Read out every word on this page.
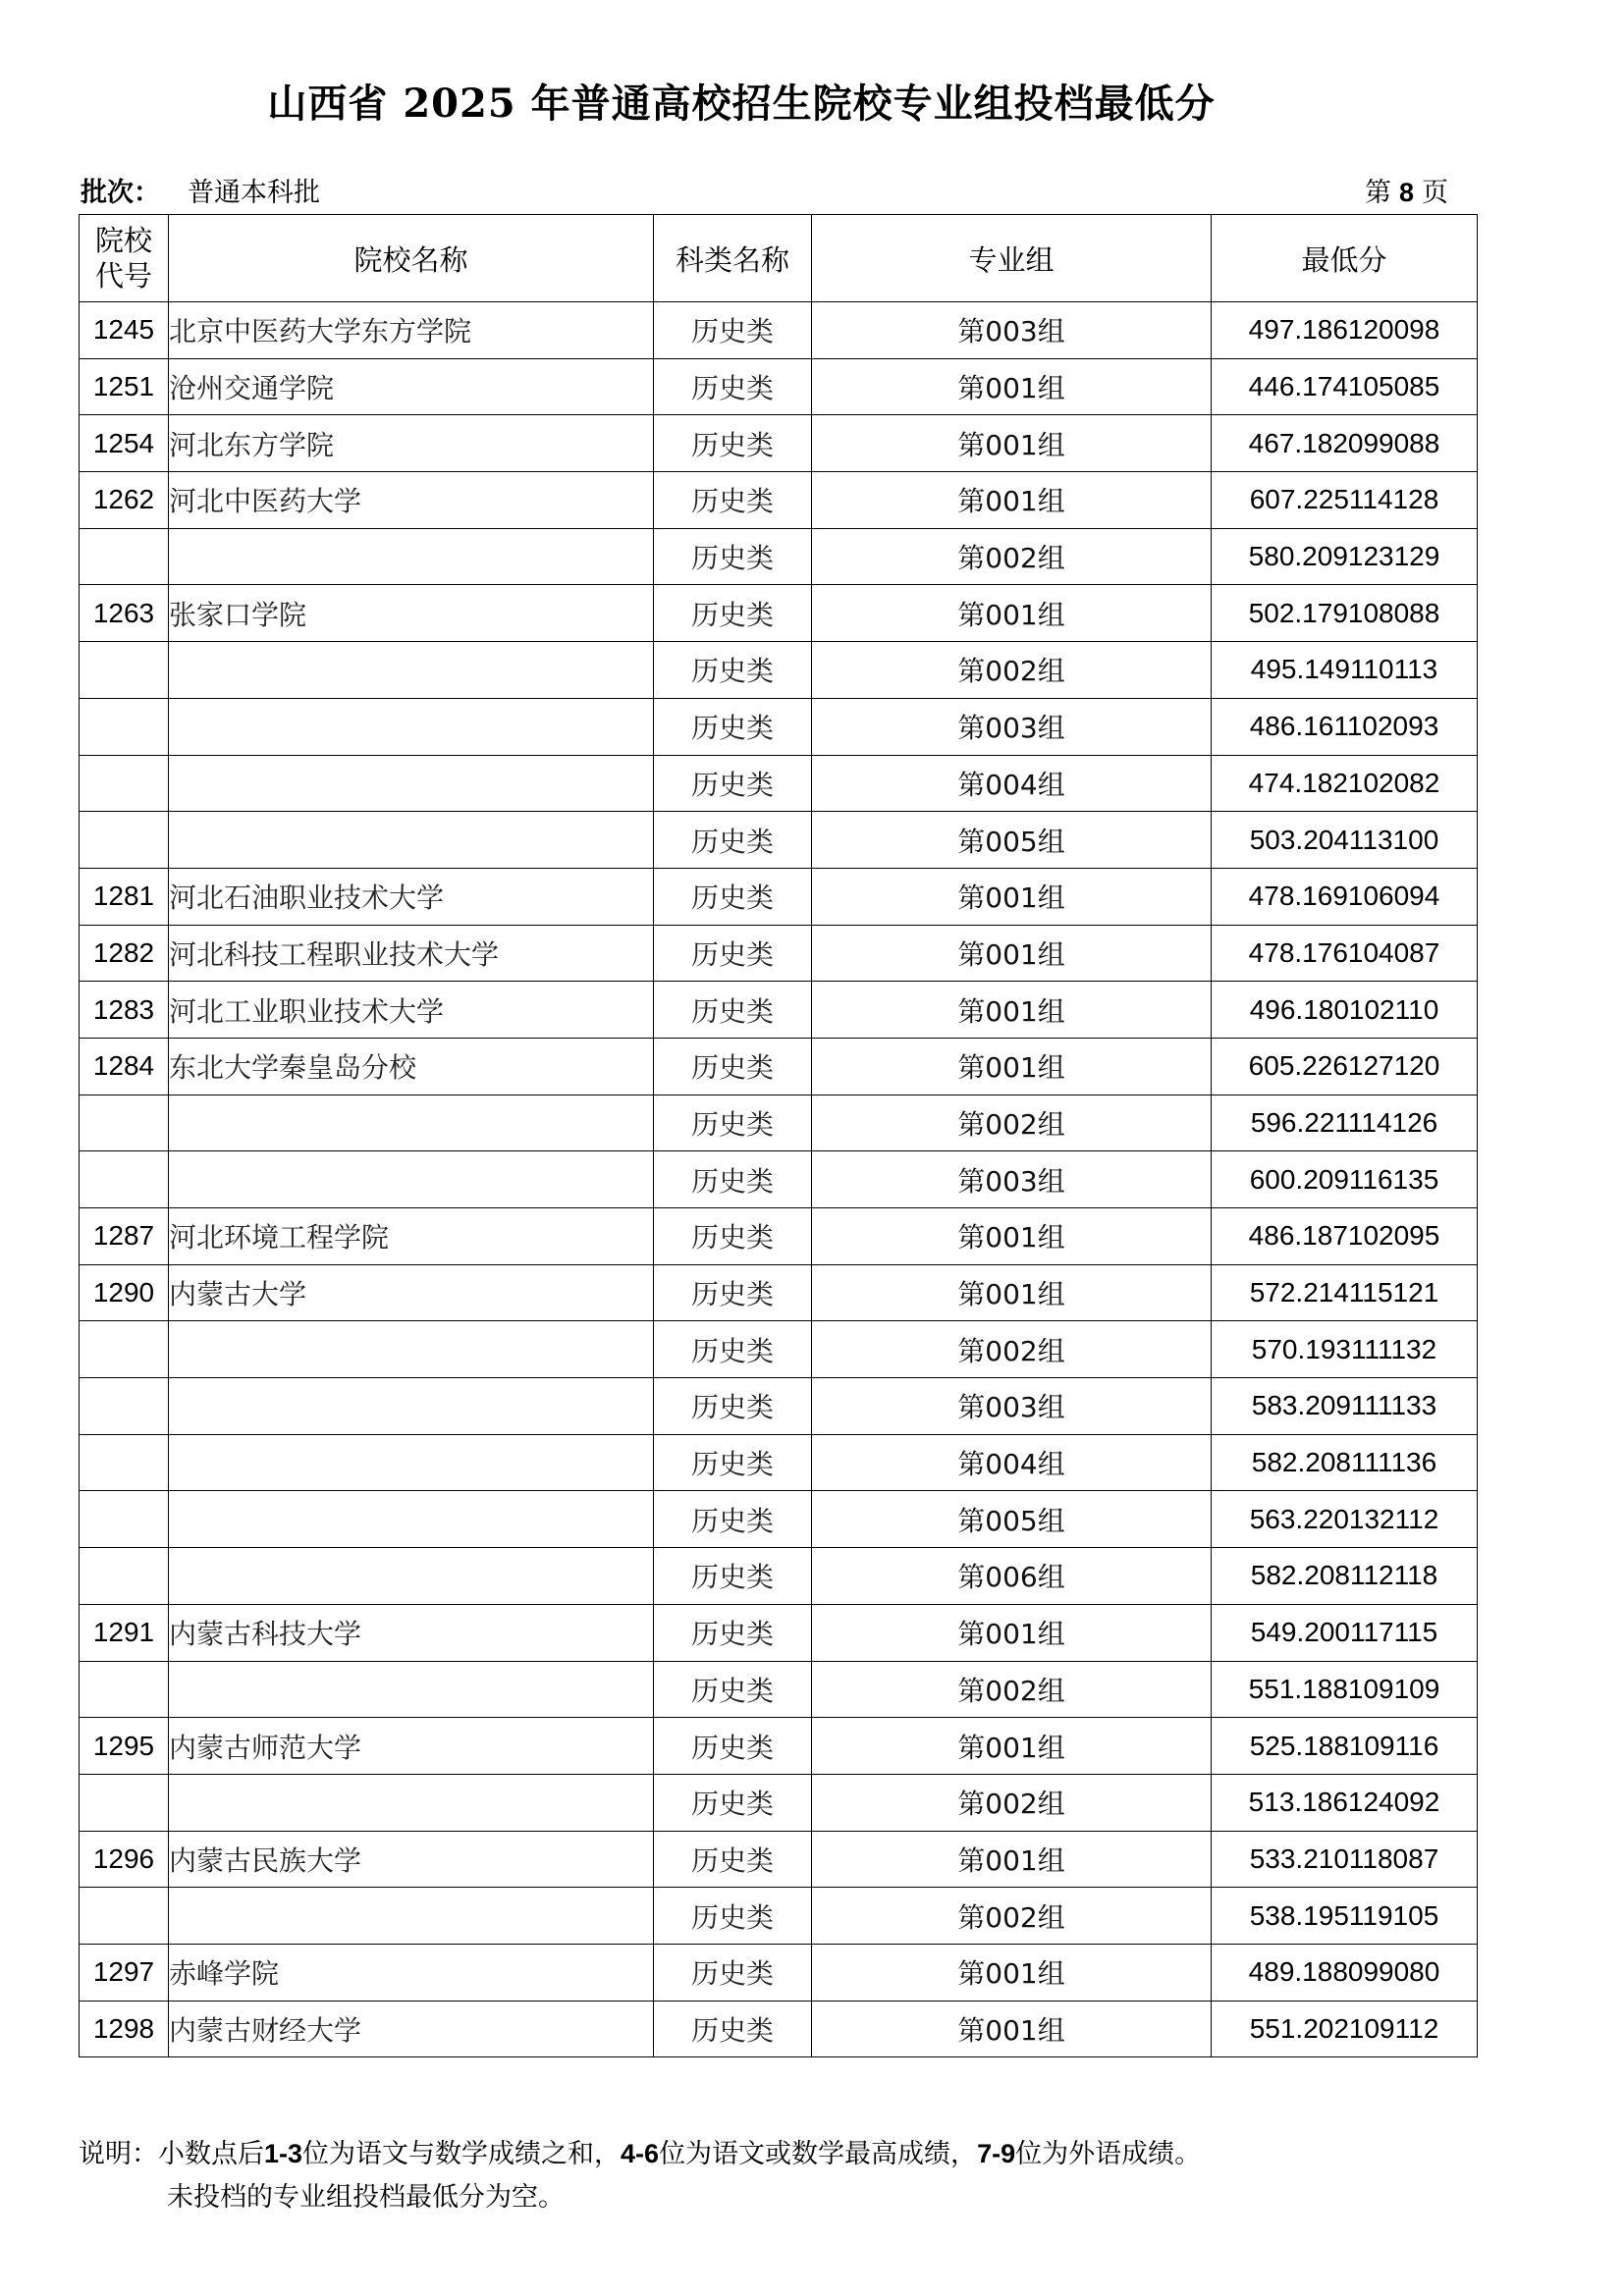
山西省 2025 年普通高校招生院校专业组投档最低分
批次： 普通本科批	第 8 页
院校
代号	院校名称	科类名称	专业组	最低分
1245	北京中医药大学东方学院	历史类	第003组	497.186120098
1251	沧州交通学院	历史类	第001组	446.174105085
1254	河北东方学院	历史类	第001组	467.182099088
1262	河北中医药大学	历史类	第001组	607.225114128
		历史类	第002组	580.209123129
1263	张家口学院	历史类	第001组	502.179108088
		历史类	第002组	495.149110113
		历史类	第003组	486.161102093
		历史类	第004组	474.182102082
		历史类	第005组	503.204113100
1281	河北石油职业技术大学	历史类	第001组	478.169106094
1282	河北科技工程职业技术大学	历史类	第001组	478.176104087
1283	河北工业职业技术大学	历史类	第001组	496.180102110
1284	东北大学秦皇岛分校	历史类	第001组	605.226127120
		历史类	第002组	596.221114126
		历史类	第003组	600.209116135
1287	河北环境工程学院	历史类	第001组	486.187102095
1290	内蒙古大学	历史类	第001组	572.214115121
		历史类	第002组	570.193111132
		历史类	第003组	583.209111133
		历史类	第004组	582.208111136
		历史类	第005组	563.220132112
		历史类	第006组	582.208112118
1291	内蒙古科技大学	历史类	第001组	549.200117115
		历史类	第002组	551.188109109
1295	内蒙古师范大学	历史类	第001组	525.188109116
		历史类	第002组	513.186124092
1296	内蒙古民族大学	历史类	第001组	533.210118087
		历史类	第002组	538.195119105
1297	赤峰学院	历史类	第001组	489.188099080
1298	内蒙古财经大学	历史类	第001组	551.202109112
说明：小数点后1-3位为语文与数学成绩之和，4-6位为语文或数学最高成绩，7-9位为外语成绩。
未投档的专业组投档最低分为空。
